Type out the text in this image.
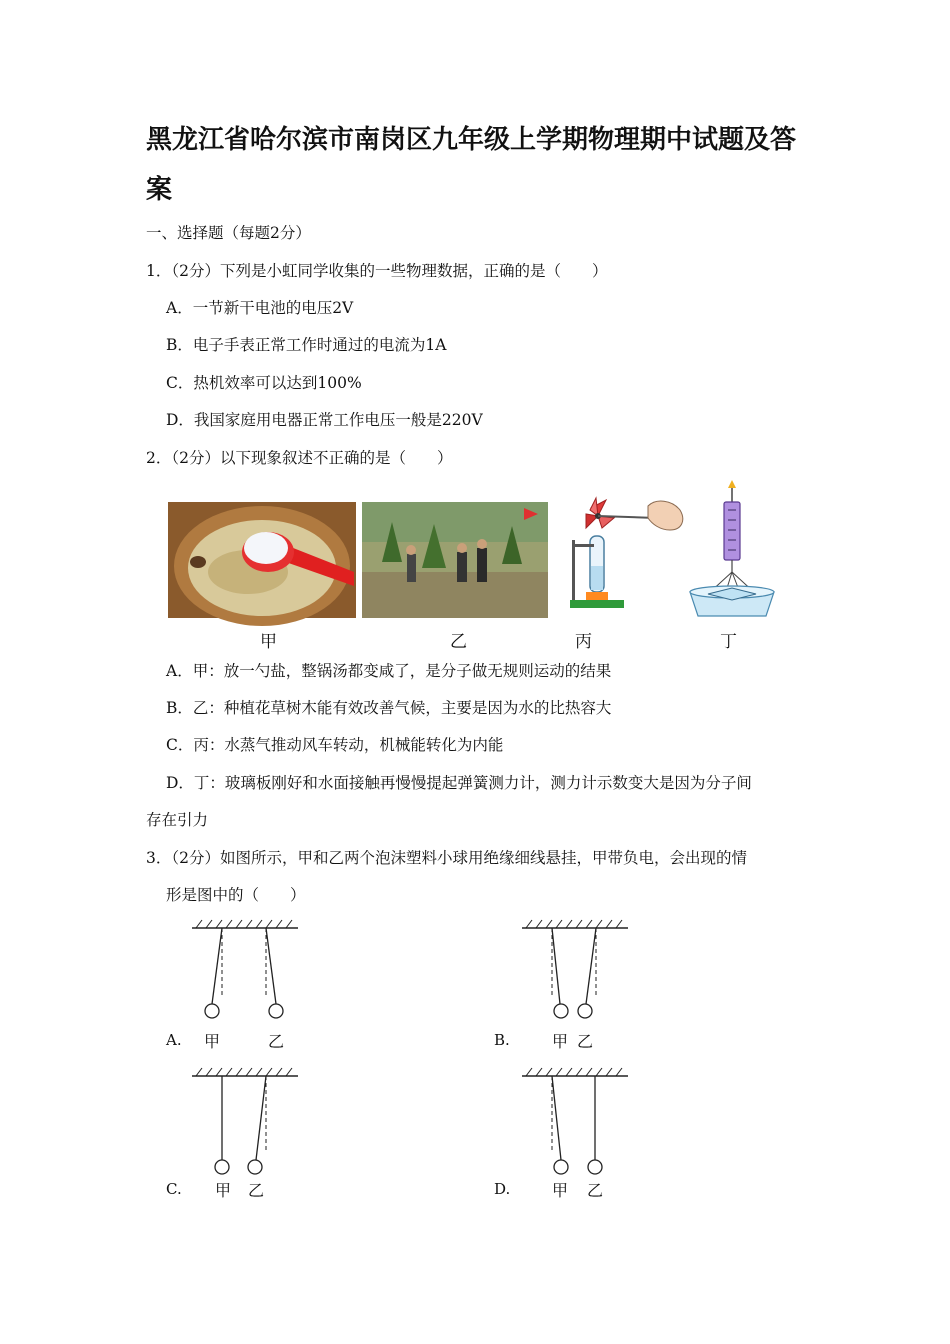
黑龙江省哈尔滨市南岗区九年级上学期物理期中试题及答
案
一、选择题（每题2分）
1．（2分）下列是小虹同学收集的一些物理数据，正确的是（　　）
A．一节新干电池的电压2V
B．电子手表正常工作时通过的电流为1A
C．热机效率可以达到100%
D．我国家庭用电器正常工作电压一般是220V
2．（2分）以下现象叙述不正确的是（　　）
甲	乙	丙	丁
A．甲：放一勺盐，整锅汤都变咸了，是分子做无规则运动的结果
B．乙：种植花草树木能有效改善气候，主要是因为水的比热容大
C．丙：水蒸气推动风车转动，机械能转化为内能
D．丁：玻璃板刚好和水面接触再慢慢提起弹簧测力计，测力计示数变大是因为分子间
存在引力
3．（2分）如图所示，甲和乙两个泡沫塑料小球用绝缘细线悬挂，甲带负电，会出现的情
形是图中的（　　）
A. 甲	乙	B.	甲 乙
C. 甲 乙	D.	甲 乙
